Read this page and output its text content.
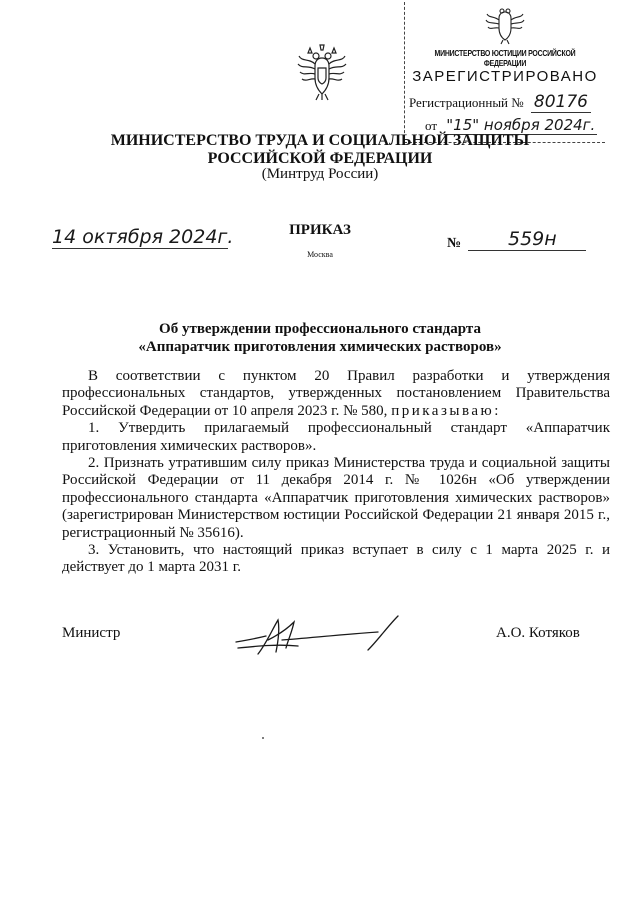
МИНИСТЕРСТВО ЮСТИЦИИ РОССИЙСКОЙ ФЕДЕРАЦИИ
ЗАРЕГИСТРИРОВАНО
Регистрационный № 80176
от "15" ноября 2024г.
МИНИСТЕРСТВО ТРУДА И СОЦИАЛЬНОЙ ЗАЩИТЫ
РОССИЙСКОЙ ФЕДЕРАЦИИ
(Минтруд России)
14 октября 2024г.	ПРИКАЗ
Москва
№ 559н
Об утверждении профессионального стандарта
«Аппаратчик приготовления химических растворов»

В соответствии с пунктом 20 Правил разработки и утверждения профессиональных стандартов, утвержденных постановлением Правительства Российской Федерации от 10 апреля 2023 г. № 580, приказываю:

1. Утвердить прилагаемый профессиональный стандарт «Аппаратчик приготовления химических растворов».

2. Признать утратившим силу приказ Министерства труда и социальной защиты Российской Федерации от 11 декабря 2014 г. № 1026н «Об утверждении профессионального стандарта «Аппаратчик приготовления химических растворов» (зарегистрирован Министерством юстиции Российской Федерации 21 января 2015 г., регистрационный № 35616).

3. Установить, что настоящий приказ вступает в силу с 1 марта 2025 г. и действует до 1 марта 2031 г.

Министр	А.О. Котяков
